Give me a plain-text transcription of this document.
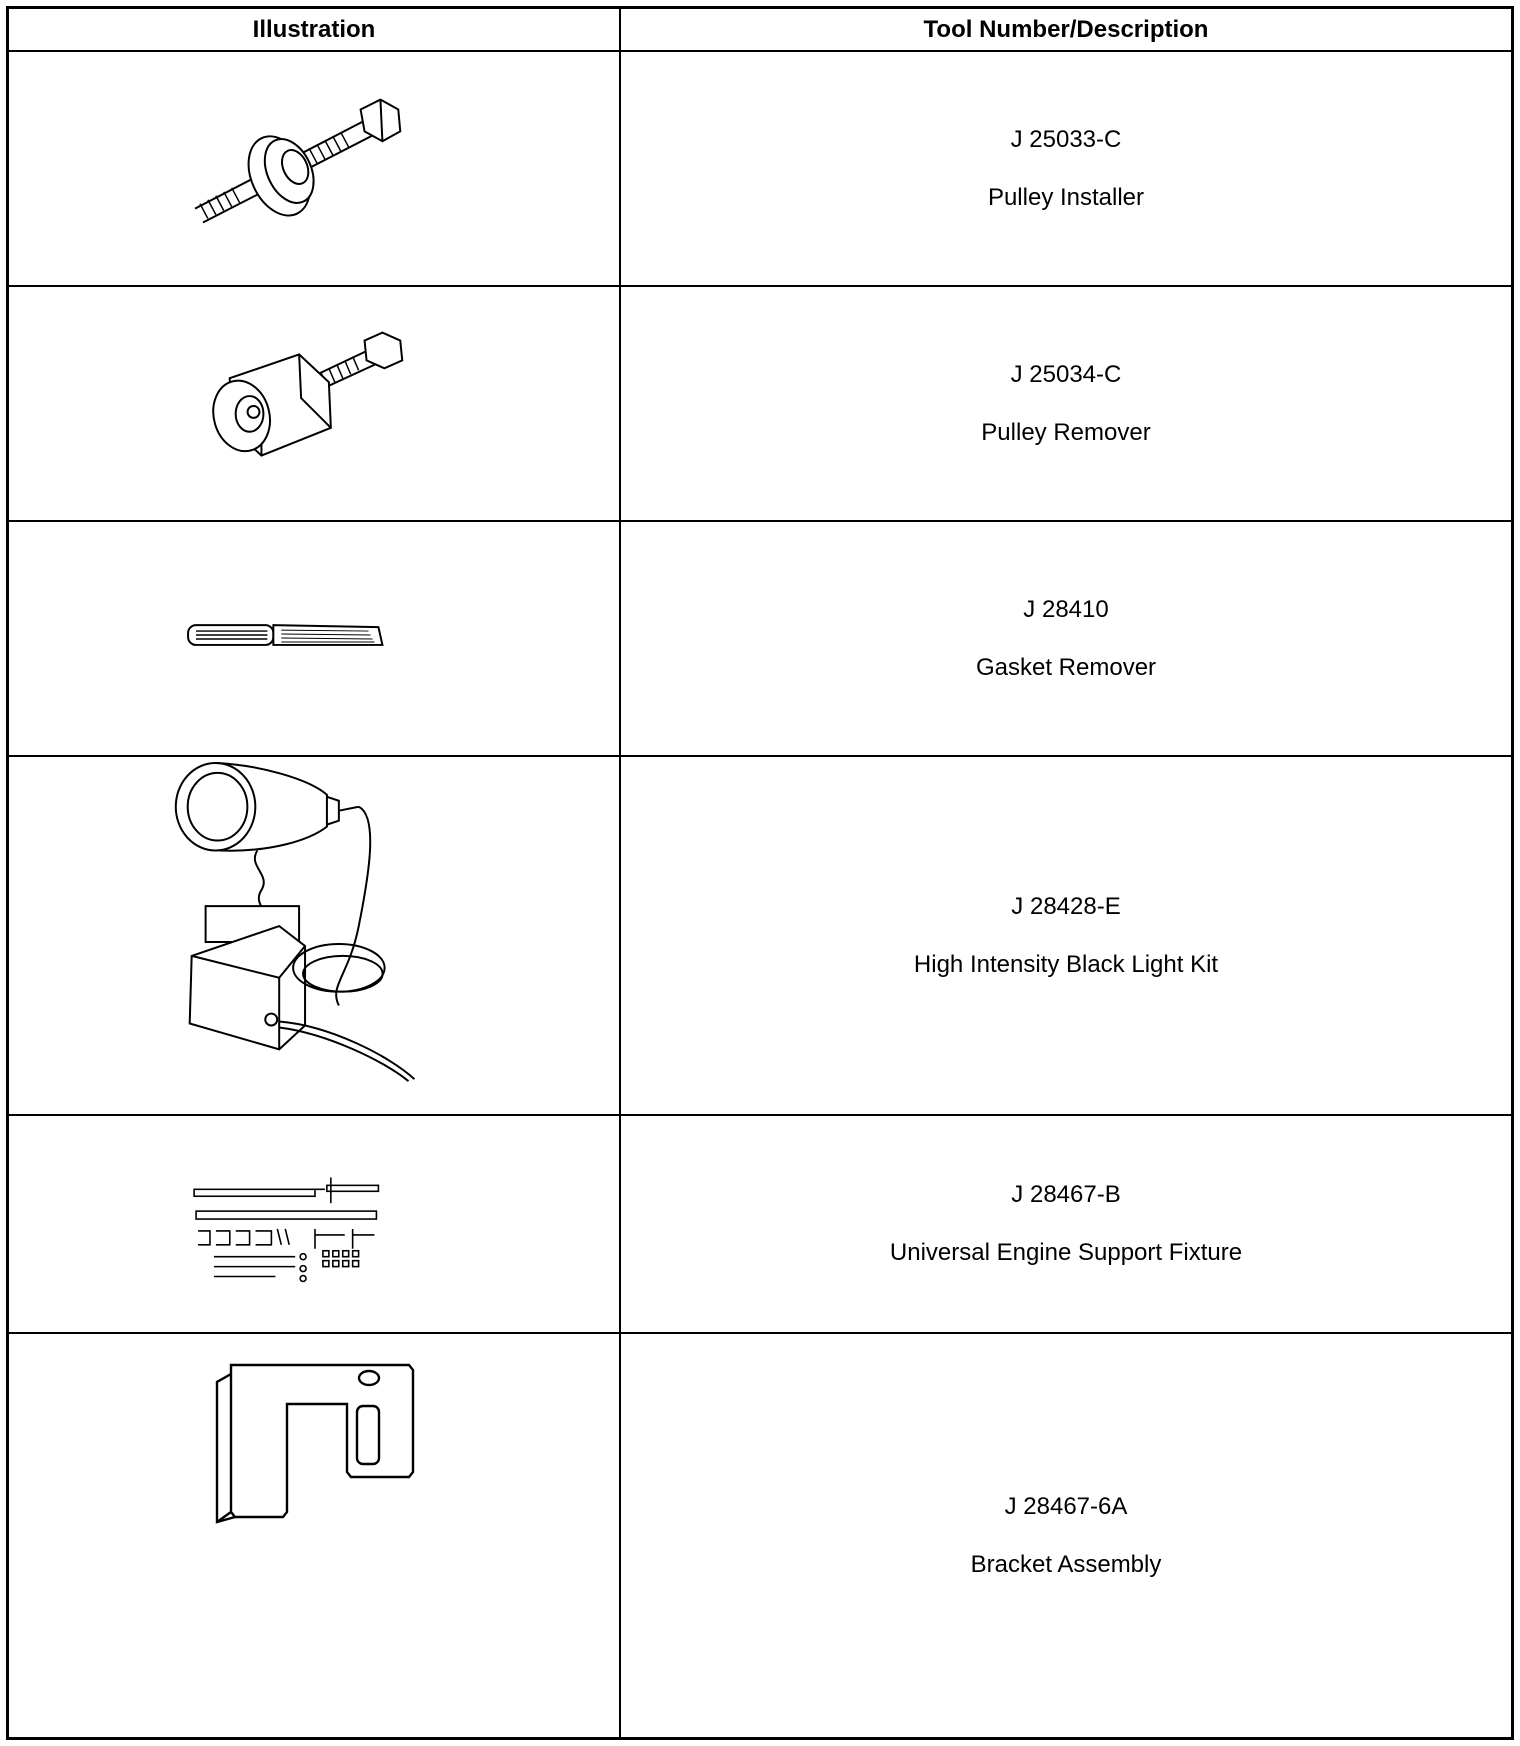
Illustration	Tool Number/Description
J 25033-C
Pulley Installer
J 25034-C
Pulley Remover
J 28410
Gasket Remover
J 28428-E
High Intensity Black Light Kit
J 28467-B
Universal Engine Support Fixture
J 28467-6A
Bracket Assembly
